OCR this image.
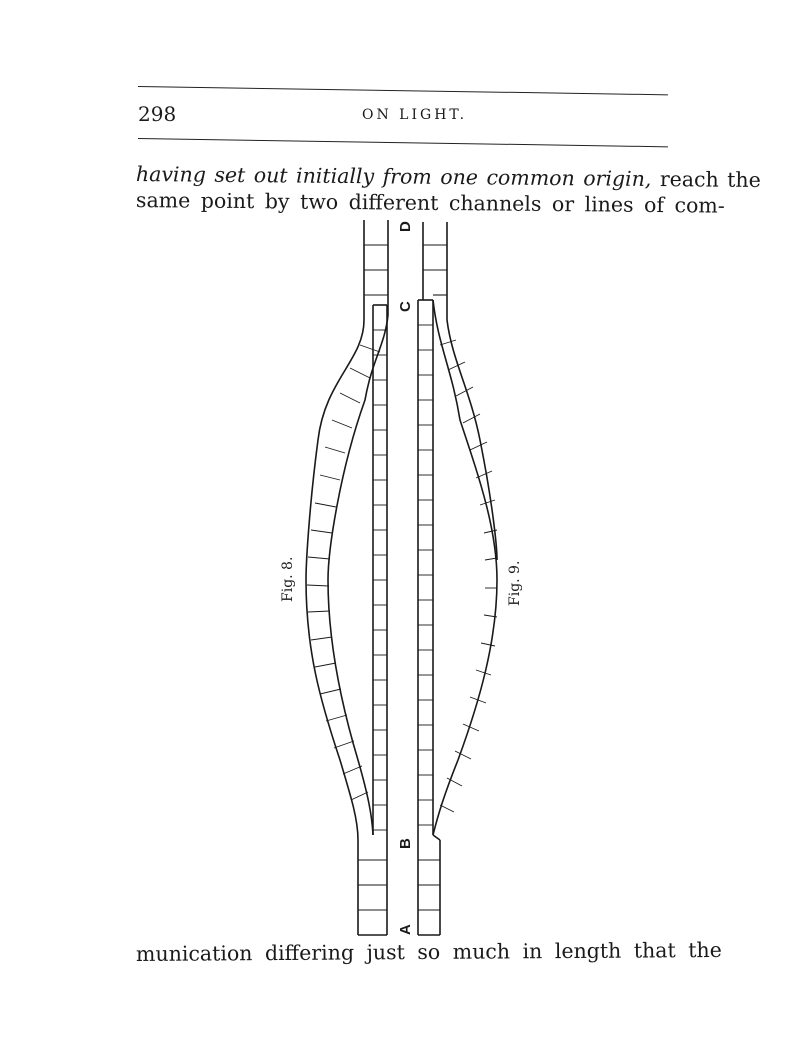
298	ON LIGHT.
having set out initially from one common origin, reach the
same point by two different channels or lines of com-
D
C
B
A
Fig. 8.	Fig. 9.
munication differing just so much in length that the
